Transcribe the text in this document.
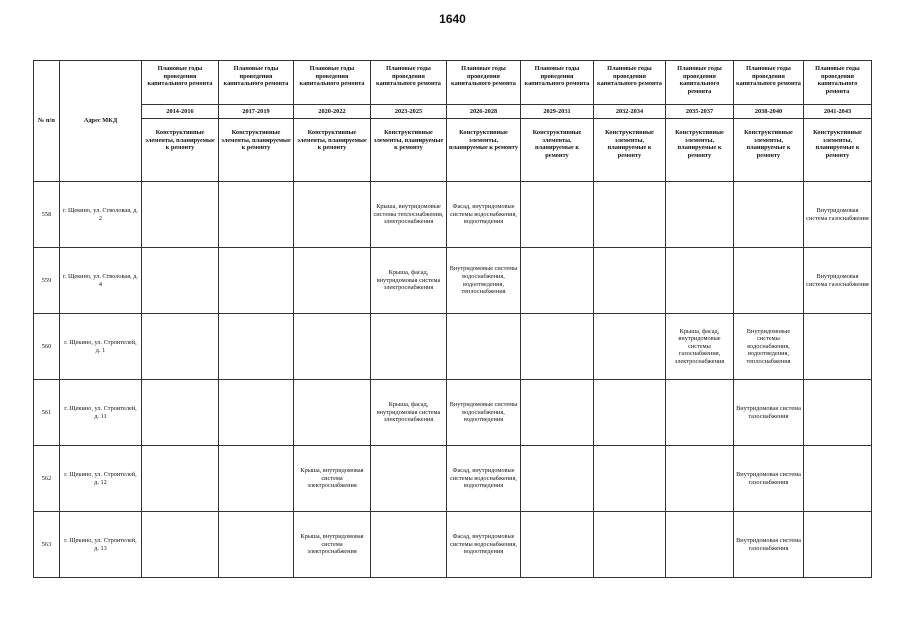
1640
№ п/п	Адрес МКД	Плановые годы проведения капитального ремонта	Плановые годы проведения капитального ремонта	Плановые годы проведения капитального ремонта	Плановые годы проведения капитального ремонта	Плановые годы проведения капитального ремонта	Плановые годы проведения капитального ремонта	Плановые годы проведения капитального ремонта	Плановые годы проведения капитального ремонта	Плановые годы проведения капитального ремонта	Плановые годы проведения капитального ремонта
		2014-2016	2017-2019	2020-2022	2023-2025	2026-2028	2029-2031	2032-2034	2035-2037	2038-2040	2041-2043
		Конструктивные элементы, планируемые к ремонту	Конструктивные элементы, планируемые к ремонту	Конструктивные элементы, планируемые к ремонту	Конструктивные элементы, планируемые к ремонту	Конструктивные элементы, планируемые к ремонту	Конструктивные элементы, планируемые к ремонту	Конструктивные элементы, планируемые к ремонту	Конструктивные элементы, планируемые к ремонту	Конструктивные элементы, планируемые к ремонту	Конструктивные элементы, планируемые к ремонту
558	г. Щекино, ул. Стволовая, д. 2				Крыша, внутридомовые системы теплоснабжения, электроснабжения	Фасад, внутридомовые системы водоснабжения, водоотведения					Внутридомовая система газоснабжения
559	г. Щекино, ул. Стволовая, д. 4				Крыша, фасад, внутридомовая система электроснабжения	Внутридомовые системы водоснабжения, водоотведения, теплоснабжения					Внутридомовая система газоснабжения
560	г. Щекино, ул. Строителей, д. 1								Крыша, фасад, внутридомовые системы газоснабжения, электроснабжения	Внутридомовые системы водоснабжения, водоотведения, теплоснабжения	
561	г. Щекино, ул. Строителей, д. 11				Крыша, фасад, внутридомовая система электроснабжения	Внутридомовые системы водоснабжения, водоотведения				Внутридомовая система газоснабжения	
562	г. Щекино, ул. Строителей, д. 12			Крыша, внутридомовая система электроснабжения		Фасад, внутридомовые системы водоснабжения, водоотведения				Внутридомовая система газоснабжения	
563	г. Щекино, ул. Строителей, д. 13			Крыша, внутридомовая система электроснабжения		Фасад, внутридомовые системы водоснабжения, водоотведения				Внутридомовая система газоснабжения	
